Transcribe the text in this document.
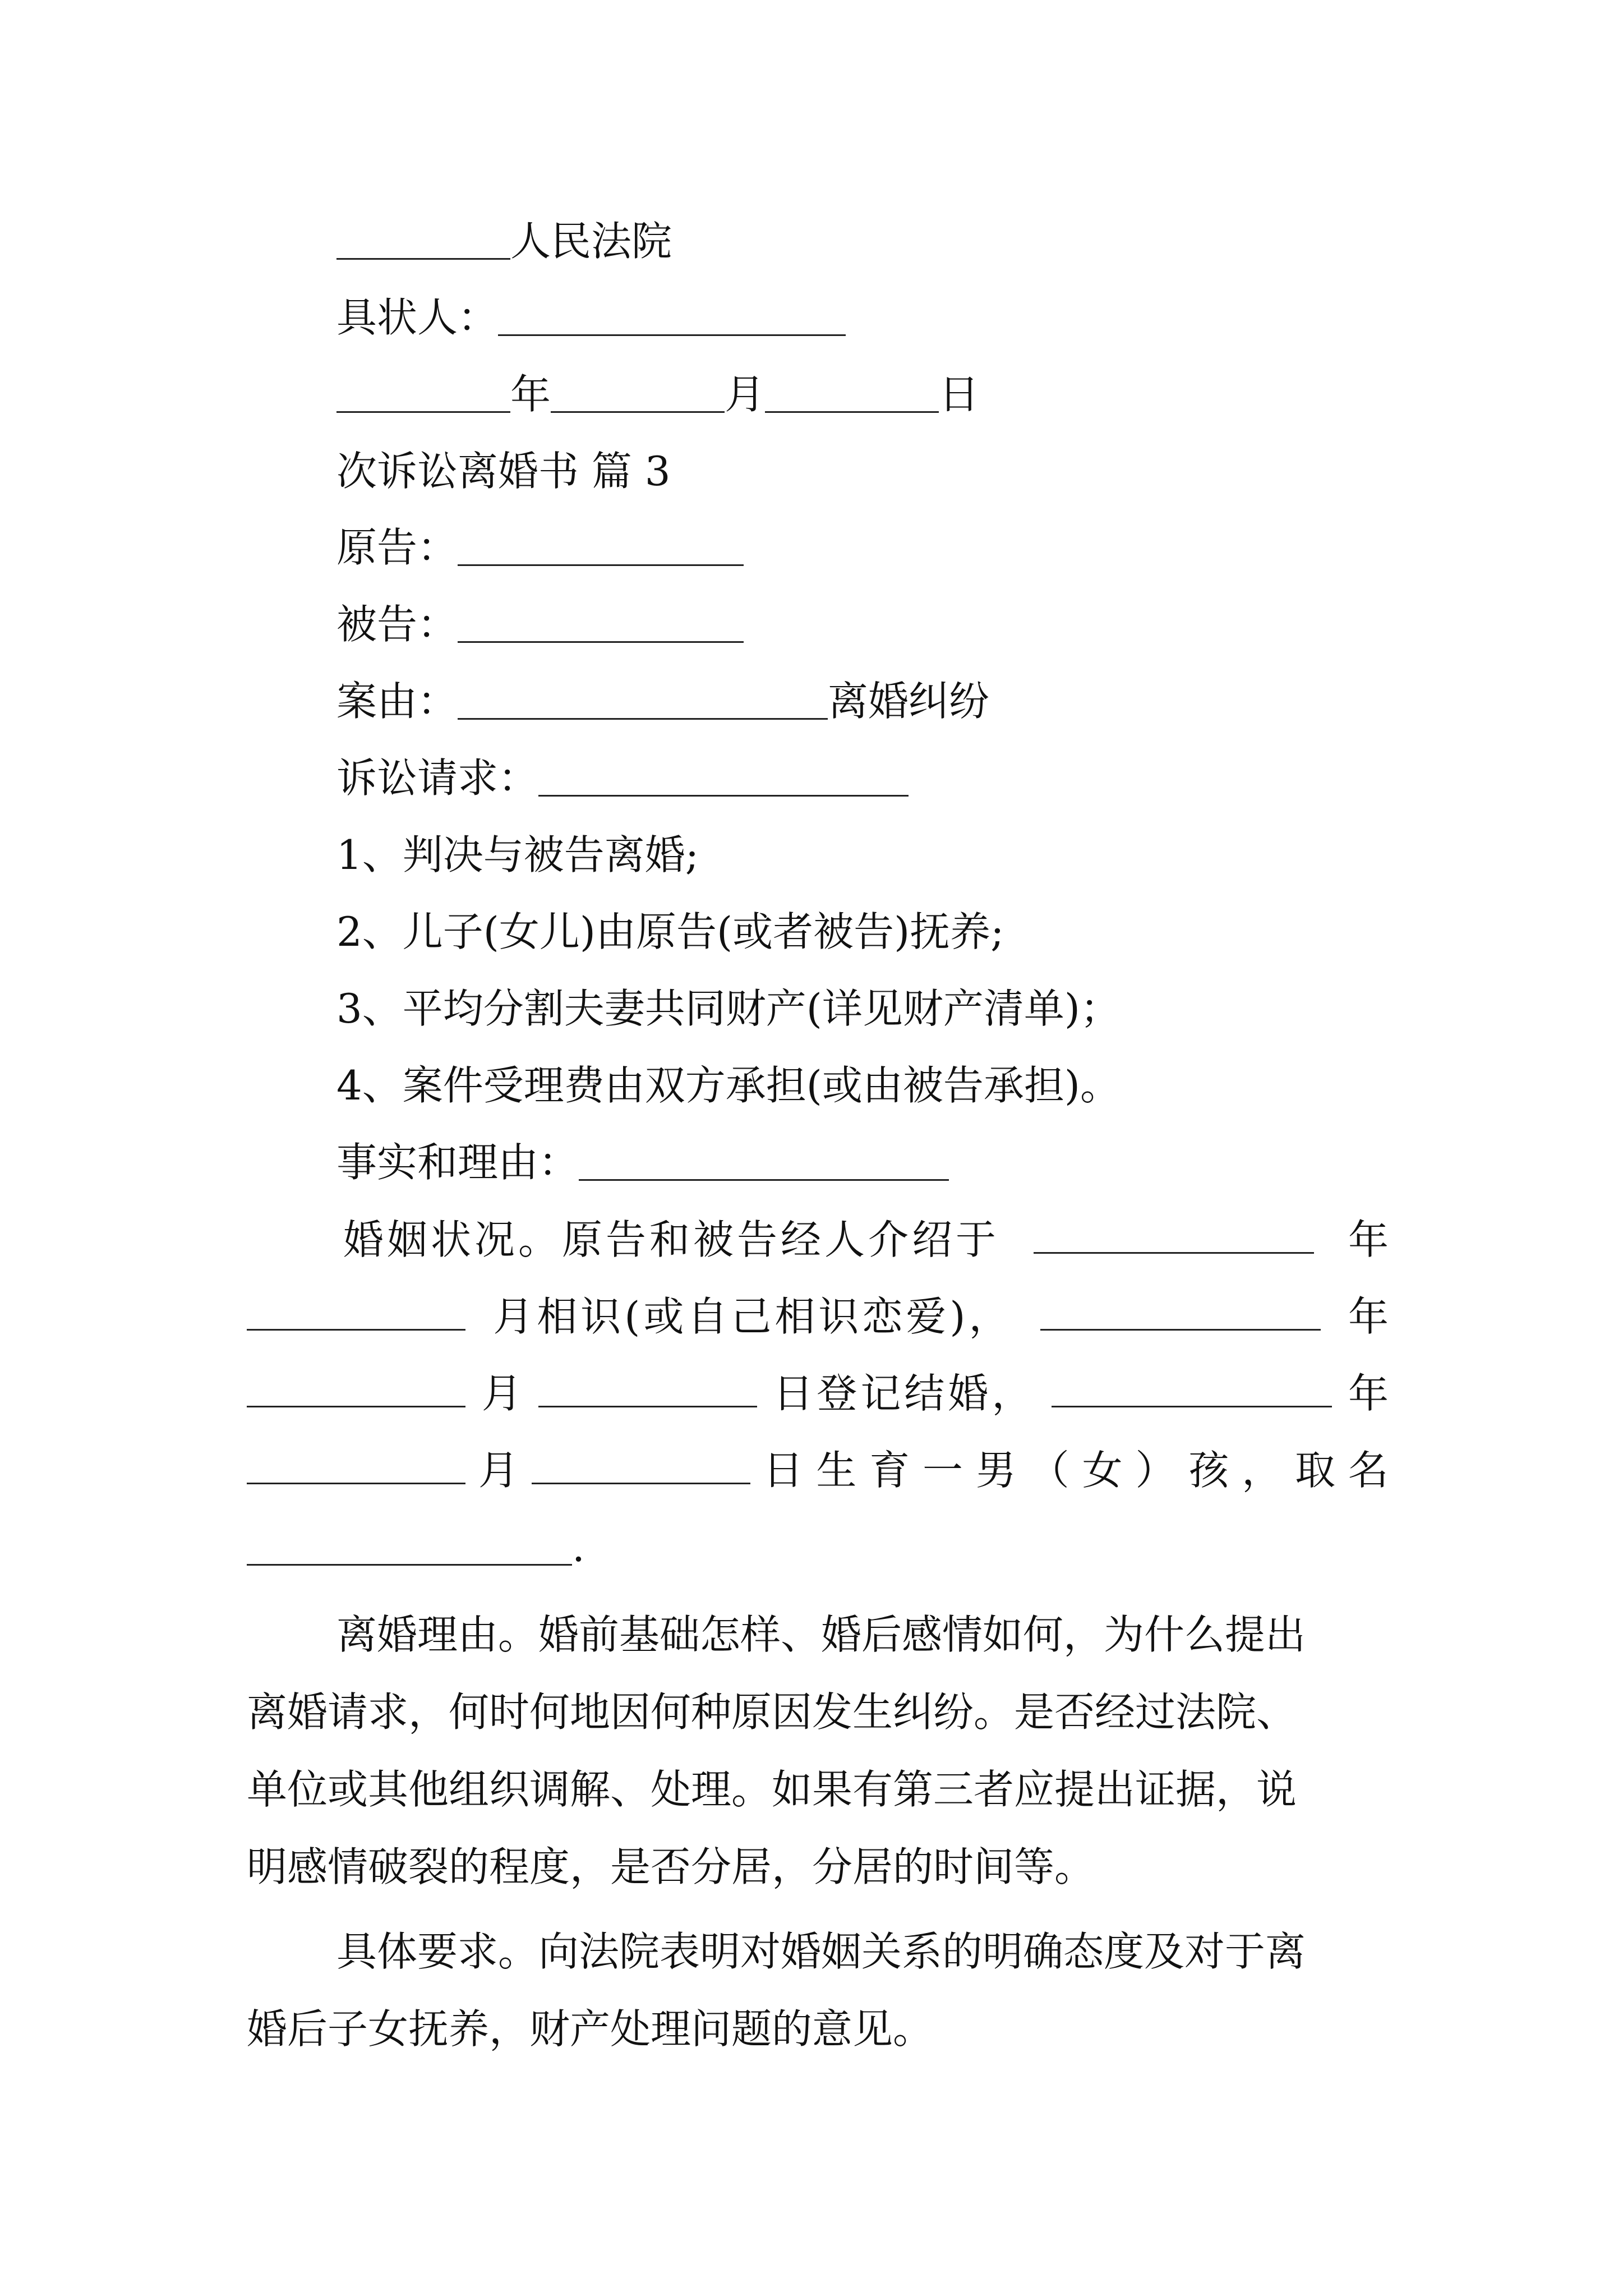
人民法院
具状人：
年	月	日
次诉讼离婚书 篇 3
原告：
被告：
案由：	离婚纠纷
诉讼请求：
1、判决与被告离婚;
2、儿子(女儿)由原告(或者被告)抚养;
3、平均分割夫妻共同财产(详见财产清单)；
4、案件受理费由双方承担(或由被告承担)。
事实和理由：
婚姻状况。原告和被告经人介绍于	年
月相识(或自己相识恋爱)，	年
月	日登记结婚，	年
月	日 生 育 一 男 （ 女 ） 孩 ， 取 名
.
离婚理由。婚前基础怎样、婚后感情如何，为什么提出
离婚请求，何时何地因何种原因发生纠纷。是否经过法院、
单位或其他组织调解、处理。如果有第三者应提出证据，说
明感情破裂的程度，是否分居，分居的时间等。
具体要求。向法院表明对婚姻关系的明确态度及对于离
婚后子女抚养，财产处理问题的意见。
